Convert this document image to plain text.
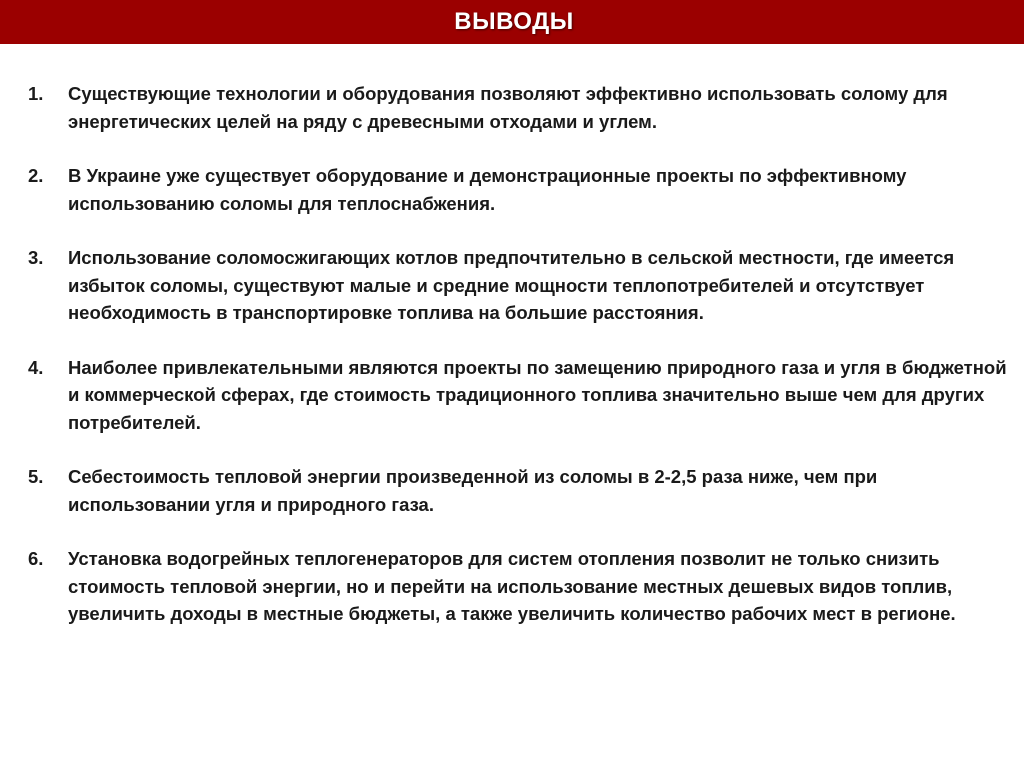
ВЫВОДЫ
1. Существующие технологии и оборудования позволяют эффективно использовать солому для энергетических целей на ряду с древесными отходами и углем.
2. В Украине уже существует оборудование и демонстрационные проекты по эффективному использованию соломы для теплоснабжения.
3. Использование соломосжигающих котлов предпочтительно в сельской местности, где имеется избыток соломы, существуют малые и средние мощности теплопотребителей и отсутствует необходимость в транспортировке топлива на большие расстояния.
4. Наиболее привлекательными являются проекты по замещению природного газа и угля в бюджетной и коммерческой сферах, где стоимость традиционного топлива значительно выше чем для других потребителей.
5. Себестоимость тепловой энергии произведенной из соломы в 2-2,5 раза ниже, чем при использовании угля и природного газа.
6. Установка водогрейных теплогенераторов для систем отопления позволит не только снизить стоимость тепловой энергии, но и перейти на использование местных дешевых видов топлив, увеличить доходы в местные бюджеты, а также увеличить количество рабочих мест в регионе.
